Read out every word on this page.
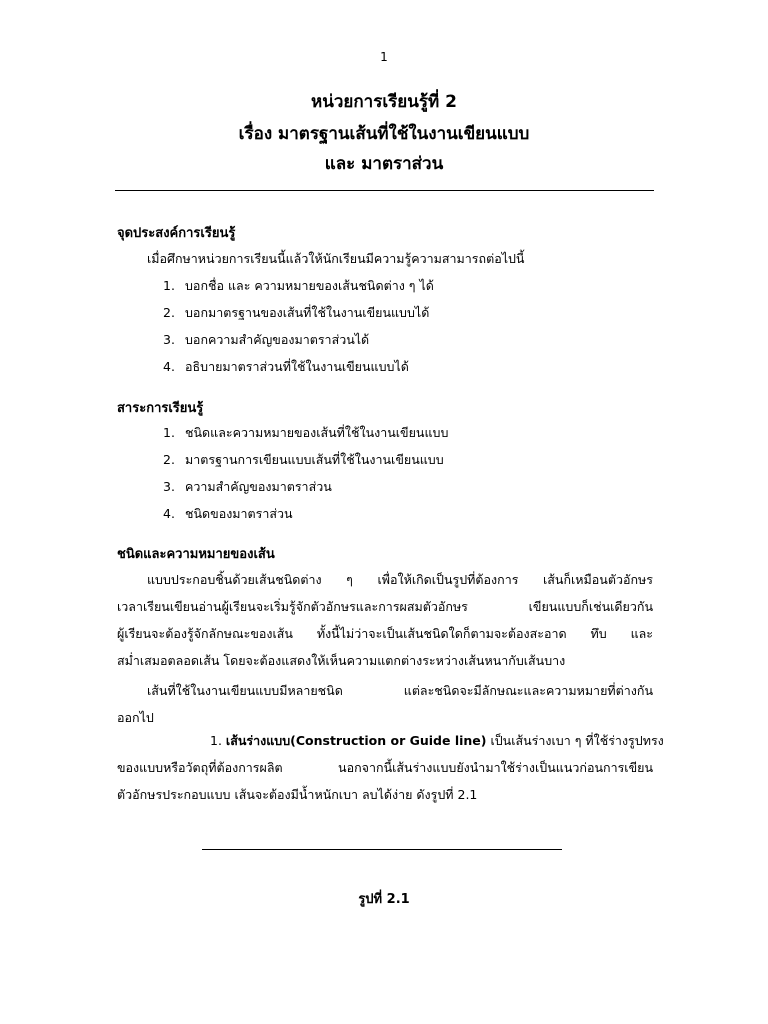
1
หน่วยการเรียนรู้ที่ 2
เรื่อง มาตรฐานเส้นที่ใช้ในงานเขียนแบบ
และ มาตราส่วน
จุดประสงค์การเรียนรู้
เมื่อศึกษาหน่วยการเรียนนี้แล้วให้นักเรียนมีความรู้ความสามารถต่อไปนี้
1. บอกชื่อ และ ความหมายของเส้นชนิดต่าง ๆ ได้
2. บอกมาตรฐานของเส้นที่ใช้ในงานเขียนแบบได้
3. บอกความสำคัญของมาตราส่วนได้
4. อธิบายมาตราส่วนที่ใช้ในงานเขียนแบบได้
สาระการเรียนรู้
1. ชนิดและความหมายของเส้นที่ใช้ในงานเขียนแบบ
2. มาตรฐานการเขียนแบบเส้นที่ใช้ในงานเขียนแบบ
3. ความสำคัญของมาตราส่วน
4. ชนิดของมาตราส่วน
ชนิดและความหมายของเส้น
แบบประกอบชิ้นด้วยเส้นชนิดต่าง ๆ เพื่อให้เกิดเป็นรูปที่ต้องการ เส้นก็เหมือนตัวอักษร
เวลาเรียนเขียนอ่านผู้เรียนจะเริ่มรู้จักตัวอักษรและการผสมตัวอักษร เขียนแบบก็เช่นเดียวกัน
ผู้เรียนจะต้องรู้จักลักษณะของเส้น ทั้งนี้ไม่ว่าจะเป็นเส้นชนิดใดก็ตามจะต้องสะอาด ทึบ และ
สม่ำเสมอตลอดเส้น โดยจะต้องแสดงให้เห็นความแตกต่างระหว่างเส้นหนากับเส้นบาง
เส้นที่ใช้ในงานเขียนแบบมีหลายชนิด แต่ละชนิดจะมีลักษณะและความหมายที่ต่างกัน
ออกไป
1. เส้นร่างแบบ(Construction or Guide line) เป็นเส้นร่างเบา ๆ ที่ใช้ร่างรูปทรง
ของแบบหรือวัตถุที่ต้องการผลิต นอกจากนี้เส้นร่างแบบยังนำมาใช้ร่างเป็นแนวก่อนการเขียน
ตัวอักษรประกอบแบบ เส้นจะต้องมีน้ำหนักเบา ลบได้ง่าย ดังรูปที่ 2.1
รูปที่ 2.1
